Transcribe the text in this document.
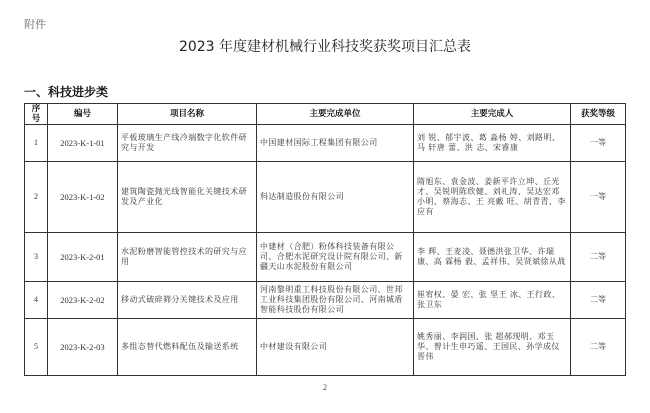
附件
2023 年度建材机械行业科技奖获奖项目汇总表
一、科技进步类
序号	编号	项目名称	主要完成单位	主要完成人	获奖等级
1	2023-K-1-01	平板玻璃生产线冷端数字化软件研究与开发	中国建材国际工程集团有限公司	刘 锐、郁宇波、葛 淼杨 婷、刘路明、马 轩唐 蕾、洪 志、宋睿康	一等
2	2023-K-1-02	建筑陶瓷抛光线智能化关键技术研发及产业化	科达制造股份有限公司	隋旭东、袁金波、姜新平许立坤、丘光才、吴锐明陈欣健、刘礼涛、吴达宏邓小明、蔡海志、王 亮戴 旺、胡青青、李应有	一等
3	2023-K-2-01	水泥粉磨智能管控技术的研究与应用	中建材（合肥）粉体科技装备有限公司、合肥水泥研究设计院有限公司、新疆天山水泥股份有限公司	李 辉、王麦凌、聂德洪张卫华、许瑞康、高 霖杨 毅、孟祥伟、吴贤斌徐从战	二等
4	2023-K-2-02	移动式破碎筛分关键技术及应用	河南黎明重工科技股份有限公司、世邦工业科技集团股份有限公司、河南城盾智能科技股份有限公司	崔宥权、晏 宏、张 坚王 冰、王行政、张卫东	二等
5	2023-K-2-03	多组态替代燃料配伍及输送系统	中材建设有限公司	姚秀丽、李润国、张 超郝现明、邓玉华、曾计生申巧遥、王国民、孙学成仪晋伟	二等
2
